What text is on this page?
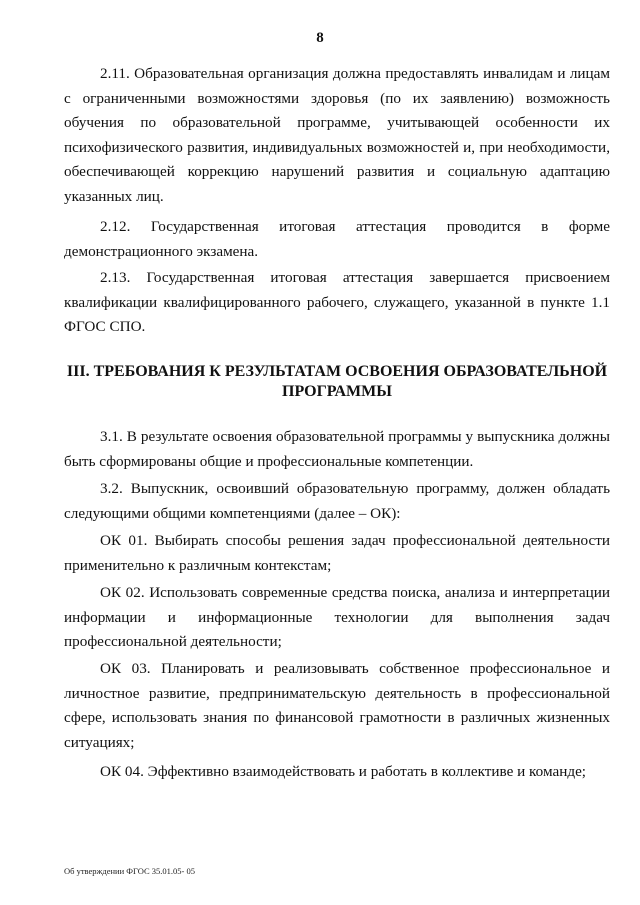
8

2.11. Образовательная организация должна предоставлять инвалидам и лицам с ограниченными возможностями здоровья (по их заявлению) возможность обучения по образовательной программе, учитывающей особенности их психофизического развития, индивидуальных возможностей и, при необходимости, обеспечивающей коррекцию нарушений развития и социальную адаптацию указанных лиц.

2.12. Государственная итоговая аттестация проводится в форме демонстрационного экзамена.

2.13. Государственная итоговая аттестация завершается присвоением квалификации квалифицированного рабочего, служащего, указанной в пункте 1.1 ФГОС СПО.

III. ТРЕБОВАНИЯ К РЕЗУЛЬТАТАМ ОСВОЕНИЯ ОБРАЗОВАТЕЛЬНОЙ ПРОГРАММЫ

3.1. В результате освоения образовательной программы у выпускника должны быть сформированы общие и профессиональные компетенции.

3.2. Выпускник, освоивший образовательную программу, должен обладать следующими общими компетенциями (далее – ОК):

ОК 01. Выбирать способы решения задач профессиональной деятельности применительно к различным контекстам;

ОК 02. Использовать современные средства поиска, анализа и интерпретации информации и информационные технологии для выполнения задач профессиональной деятельности;

ОК 03. Планировать и реализовывать собственное профессиональное и личностное развитие, предпринимательскую деятельность в профессиональной сфере, использовать знания по финансовой грамотности в различных жизненных ситуациях;

ОК 04. Эффективно взаимодействовать и работать в коллективе и команде;

Об утверждении ФГОС 35.01.05- 05
